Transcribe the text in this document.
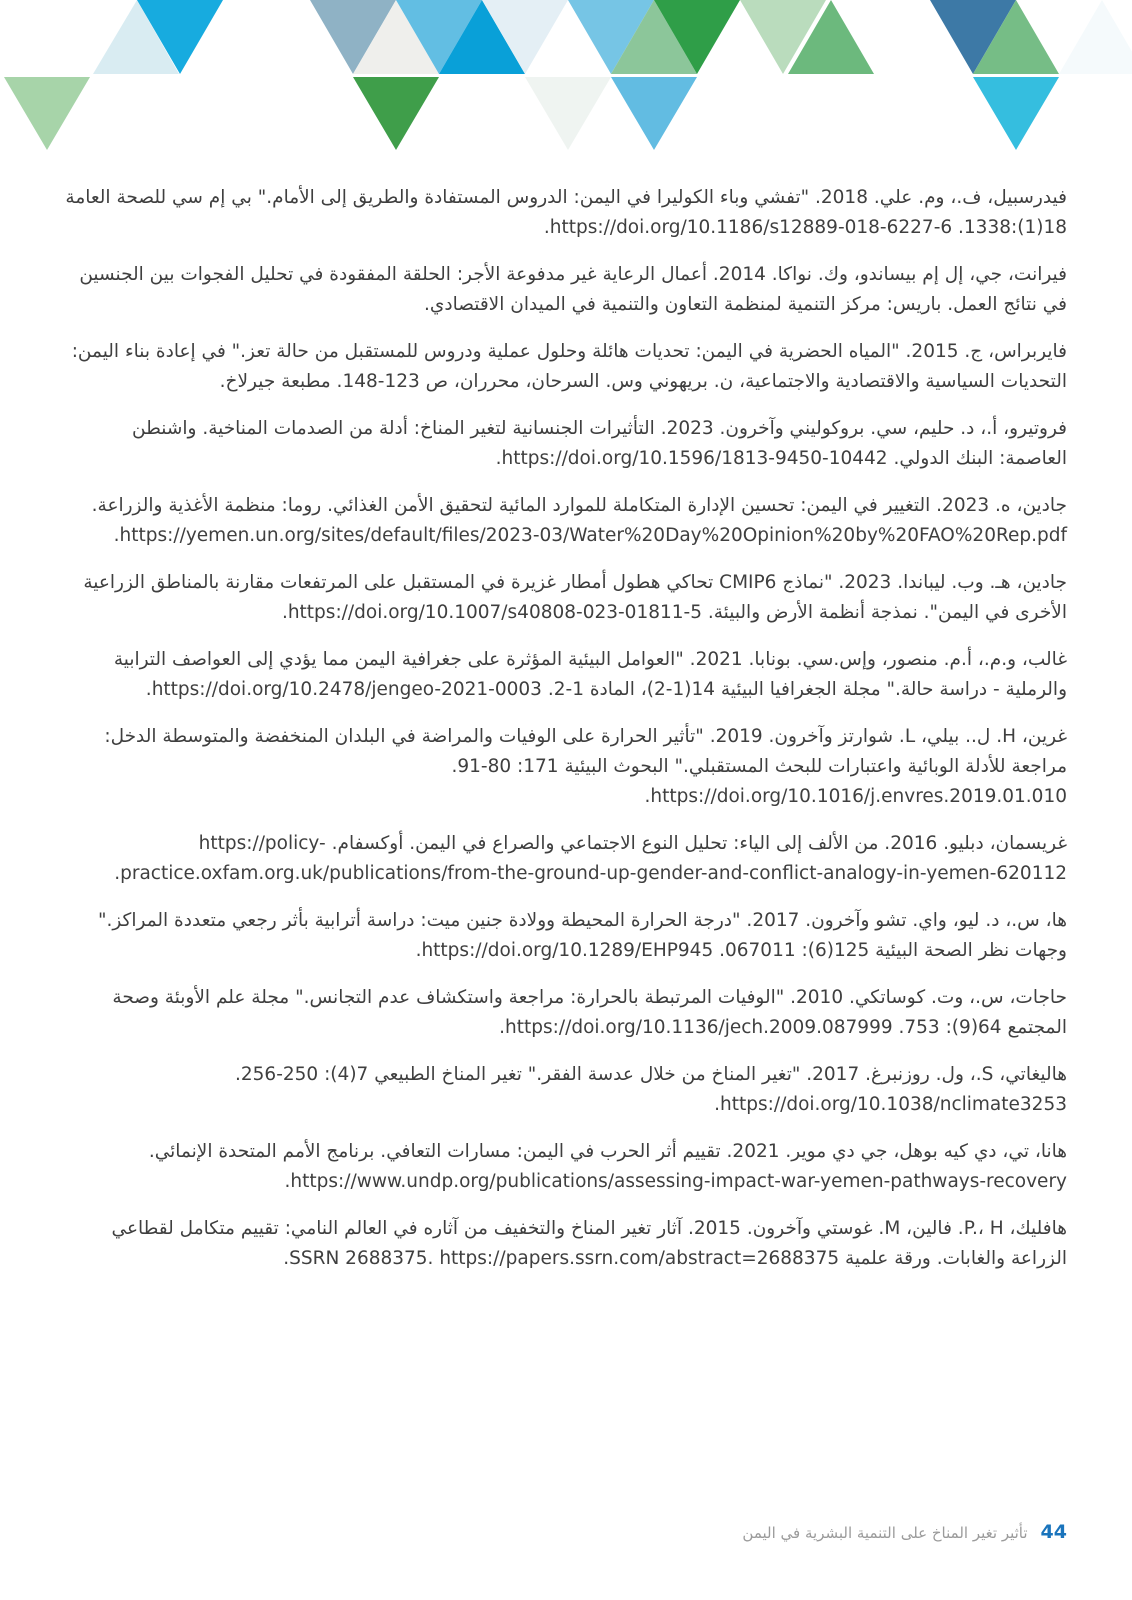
فيدرسبيل، ف.، وم. علي. 2018. "تفشي وباء الكوليرا في اليمن: الدروس المستفادة والطريق إلى الأمام." بي إم سي للصحة العامة 18(1):1338. https://doi.org/10.1186/s12889-018-6227-6.

فيرانت، جي، إل إم بيساندو، وك. نواكا. 2014. أعمال الرعاية غير مدفوعة الأجر: الحلقة المفقودة في تحليل الفجوات بين الجنسين في نتائج العمل. باريس: مركز التنمية لمنظمة التعاون والتنمية في الميدان الاقتصادي.

فايربراس، ج. 2015. "المياه الحضرية في اليمن: تحديات هائلة وحلول عملية ودروس للمستقبل من حالة تعز." في إعادة بناء اليمن: التحديات السياسية والاقتصادية والاجتماعية، ن. بريهوني وس. السرحان، محرران، ص 123-148. مطبعة جيرلاخ.

فروتيرو، أ.، د. حليم، سي. بروكوليني وآخرون. 2023. التأثيرات الجنسانية لتغير المناخ: أدلة من الصدمات المناخية. واشنطن العاصمة: البنك الدولي. https://doi.org/10.1596/1813-9450-10442.

جادين، ه. 2023. التغيير في اليمن: تحسين الإدارة المتكاملة للموارد المائية لتحقيق الأمن الغذائي. روما: منظمة الأغذية والزراعة. https://yemen.un.org/sites/default/files/2023-03/Water%20Day%20Opinion%20by%20FAO%20Rep.pdf.

جادين، هـ. وب. ليباندا. 2023. "نماذج CMIP6 تحاكي هطول أمطار غزيرة في المستقبل على المرتفعات مقارنة بالمناطق الزراعية الأخرى في اليمن". نمذجة أنظمة الأرض والبيئة. https://doi.org/10.1007/s40808-023-01811-5.

غالب، و.م.، أ.م. منصور، وإس.سي. بونابا. 2021. "العوامل البيئية المؤثرة على جغرافية اليمن مما يؤدي إلى العواصف الترابية والرملية - دراسة حالة." مجلة الجغرافيا البيئية 14(1-2)، المادة 1-2. https://doi.org/10.2478/jengeo-2021-0003.

غرين، H. ل.. بيلي، L. شوارتز وآخرون. 2019. "تأثير الحرارة على الوفيات والمراضة في البلدان المنخفضة والمتوسطة الدخل: مراجعة للأدلة الوبائية واعتبارات للبحث المستقبلي." البحوث البيئية 171: 80-91. https://doi.org/10.1016/j.envres.2019.01.010.

غريسمان، دبليو. 2016. من الألف إلى الياء: تحليل النوع الاجتماعي والصراع في اليمن. أوكسفام. https://policy-practice.oxfam.org.uk/publications/from-the-ground-up-gender-and-conflict-analogy-in-yemen-620112.

ها، س.، د. ليو، واي. تشو وآخرون. 2017. "درجة الحرارة المحيطة وولادة جنين ميت: دراسة أترابية بأثر رجعي متعددة المراكز." وجهات نظر الصحة البيئية 125(6): 067011. https://doi.org/10.1289/EHP945.

حاجات، س.، وت. كوساتكي. 2010. "الوفيات المرتبطة بالحرارة: مراجعة واستكشاف عدم التجانس." مجلة علم الأوبئة وصحة المجتمع 64(9): 753. https://doi.org/10.1136/jech.2009.087999.

هاليغاتي، S.، ول. روزنبرغ. 2017. "تغير المناخ من خلال عدسة الفقر." تغير المناخ الطبيعي 7(4): 250-256. https://doi.org/10.1038/nclimate3253.

هانا، تي، دي كيه بوهل، جي دي موير. 2021. تقييم أثر الحرب في اليمن: مسارات التعافي. برنامج الأمم المتحدة الإنمائي. https://www.undp.org/publications/assessing-impact-war-yemen-pathways-recovery.

هافليك، P.، H. فالين، M. غوستي وآخرون. 2015. آثار تغير المناخ والتخفيف من آثاره في العالم النامي: تقييم متكامل لقطاعي الزراعة والغابات. ورقة علمية SSRN 2688375. https://papers.ssrn.com/abstract=2688375.

44
تأثير تغير المناخ على التنمية البشرية في اليمن
